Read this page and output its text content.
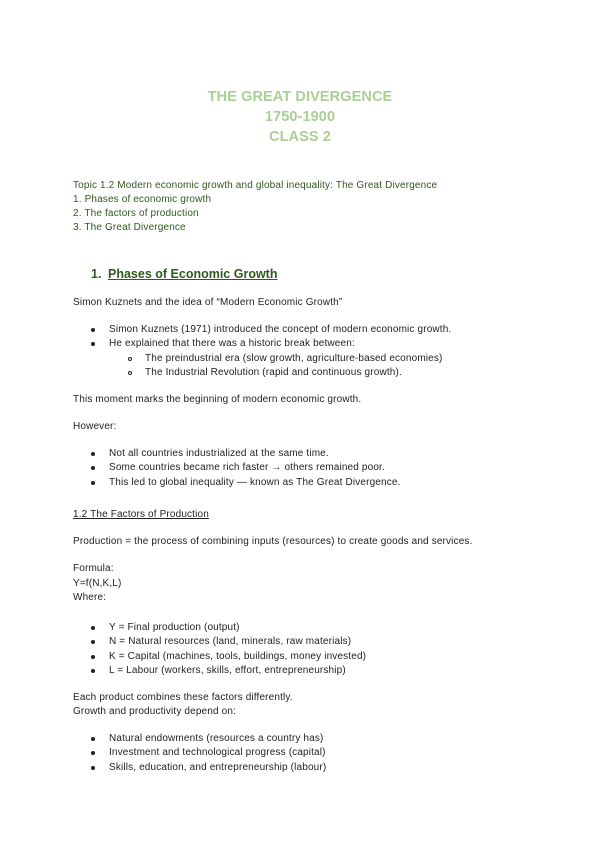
THE GREAT DIVERGENCE
1750-1900
CLASS 2
Topic 1.2 Modern economic growth and global inequality: The Great Divergence
1. Phases of economic growth
2. The factors of production
3. The Great Divergence
1. Phases of Economic Growth
Simon Kuznets and the idea of “Modern Economic Growth”
Simon Kuznets (1971) introduced the concept of modern economic growth.
He explained that there was a historic break between:
The preindustrial era (slow growth, agriculture-based economies)
The Industrial Revolution (rapid and continuous growth).
This moment marks the beginning of modern economic growth.
However:
Not all countries industrialized at the same time.
Some countries became rich faster → others remained poor.
This led to global inequality — known as The Great Divergence.
1.2 The Factors of Production
Production = the process of combining inputs (resources) to create goods and services.
Formula:
Y=f(N,K,L)
Where:
Y = Final production (output)
N = Natural resources (land, minerals, raw materials)
K = Capital (machines, tools, buildings, money invested)
L = Labour (workers, skills, effort, entrepreneurship)
Each product combines these factors differently.
Growth and productivity depend on:
Natural endowments (resources a country has)
Investment and technological progress (capital)
Skills, education, and entrepreneurship (labour)
